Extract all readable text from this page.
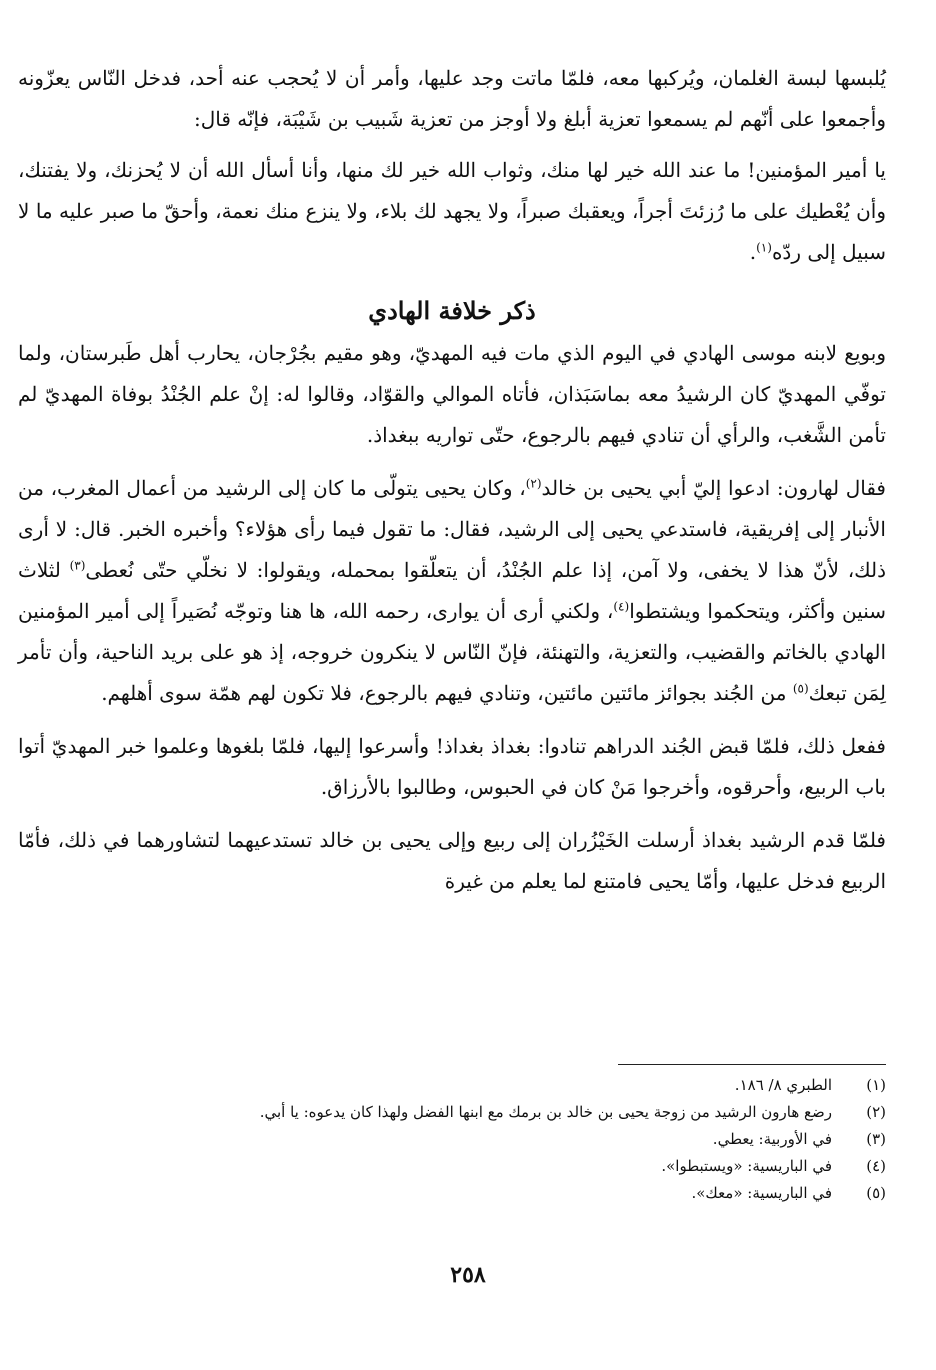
يُلبسها لبسة الغلمان، ويُركبها معه، فلمّا ماتت وجد عليها، وأمر أن لا يُحجب عنه أحد، فدخل النّاس يعزّونه وأجمعوا على أنّهم لم يسمعوا تعزية أبلغ ولا أوجز من تعزية شَبيب بن شَيْبَة، فإنّه قال:

يا أمير المؤمنين! ما عند الله خير لها منك، وثواب الله خير لك منها، وأنا أسأل الله أن لا يُحزنك، ولا يفتنك، وأن يُعْطيك على ما رُزئتَ أجراً، ويعقبك صبراً، ولا يجهد لك بلاء، ولا ينزع منك نعمة، وأحقّ ما صبر عليه ما لا سبيل إلى ردّه$^{(١)}$.

ذكر خلافة الهادي

وبويع لابنه موسى الهادي في اليوم الذي مات فيه المهديّ، وهو مقيم بجُرْجان، يحارب أهل طَبرستان، ولما توفّي المهديّ كان الرشيدُ معه بماسَبَذان، فأتاه الموالي والقوّاد، وقالوا له: إنْ علم الجُنْدُ بوفاة المهديّ لم تأمن الشَّغب، والرأي أن تنادي فيهم بالرجوع، حتّى تواريه ببغداذ.

فقال لهارون: ادعوا إليّ أبي يحيى بن خالد$^{(٢)}$، وكان يحيى يتولّى ما كان إلى الرشيد من أعمال المغرب، من الأنبار إلى إفريقية، فاستدعي يحيى إلى الرشيد، فقال: ما تقول فيما رأى هؤلاء؟ وأخبره الخبر. قال: لا أرى ذلك، لأنّ هذا لا يخفى، ولا آمن، إذا علم الجُنْدُ، أن يتعلّقوا بمحمله، ويقولوا: لا نخلّي حتّى نُعطى$^{(٣)}$ لثلاث سنين وأكثر، ويتحكموا ويشتطوا$^{(٤)}$، ولكني أرى أن يوارى، رحمه الله، ها هنا وتوجّه نُصَيراً إلى أمير المؤمنين الهادي بالخاتم والقضيب، والتعزية، والتهنئة، فإنّ النّاس لا ينكرون خروجه، إذ هو على بريد الناحية، وأن تأمر لِمَن تبعك$^{(٥)}$ من الجُند بجوائز مائتين مائتين، وتنادي فيهم بالرجوع، فلا تكون لهم همّة سوى أهلهم.

ففعل ذلك، فلمّا قبض الجُند الدراهم تنادوا: بغداذ بغداذ! وأسرعوا إليها، فلمّا بلغوها وعلموا خبر المهديّ أتوا باب الربيع، وأحرقوه، وأخرجوا مَنْ كان في الحبوس، وطالبوا بالأرزاق.

فلمّا قدم الرشيد بغداذ أرسلت الخَيْزُران إلى ربيع وإلى يحيى بن خالد تستدعيهما لتشاورهما في ذلك، فأمّا الربيع فدخل عليها، وأمّا يحيى فامتنع لما يعلم من غيرة

(١)
الطبري ٨/ ١٨٦.
(٢)
رضع هارون الرشيد من زوجة يحيى بن خالد بن برمك مع ابنها الفضل ولهذا كان يدعوه: يا أبي.
(٣)
في الأوربية: يعطي.
(٤)
في الباريسية: «ويستبطوا».
(٥)
في الباريسية: «معك».
٢٥٨
